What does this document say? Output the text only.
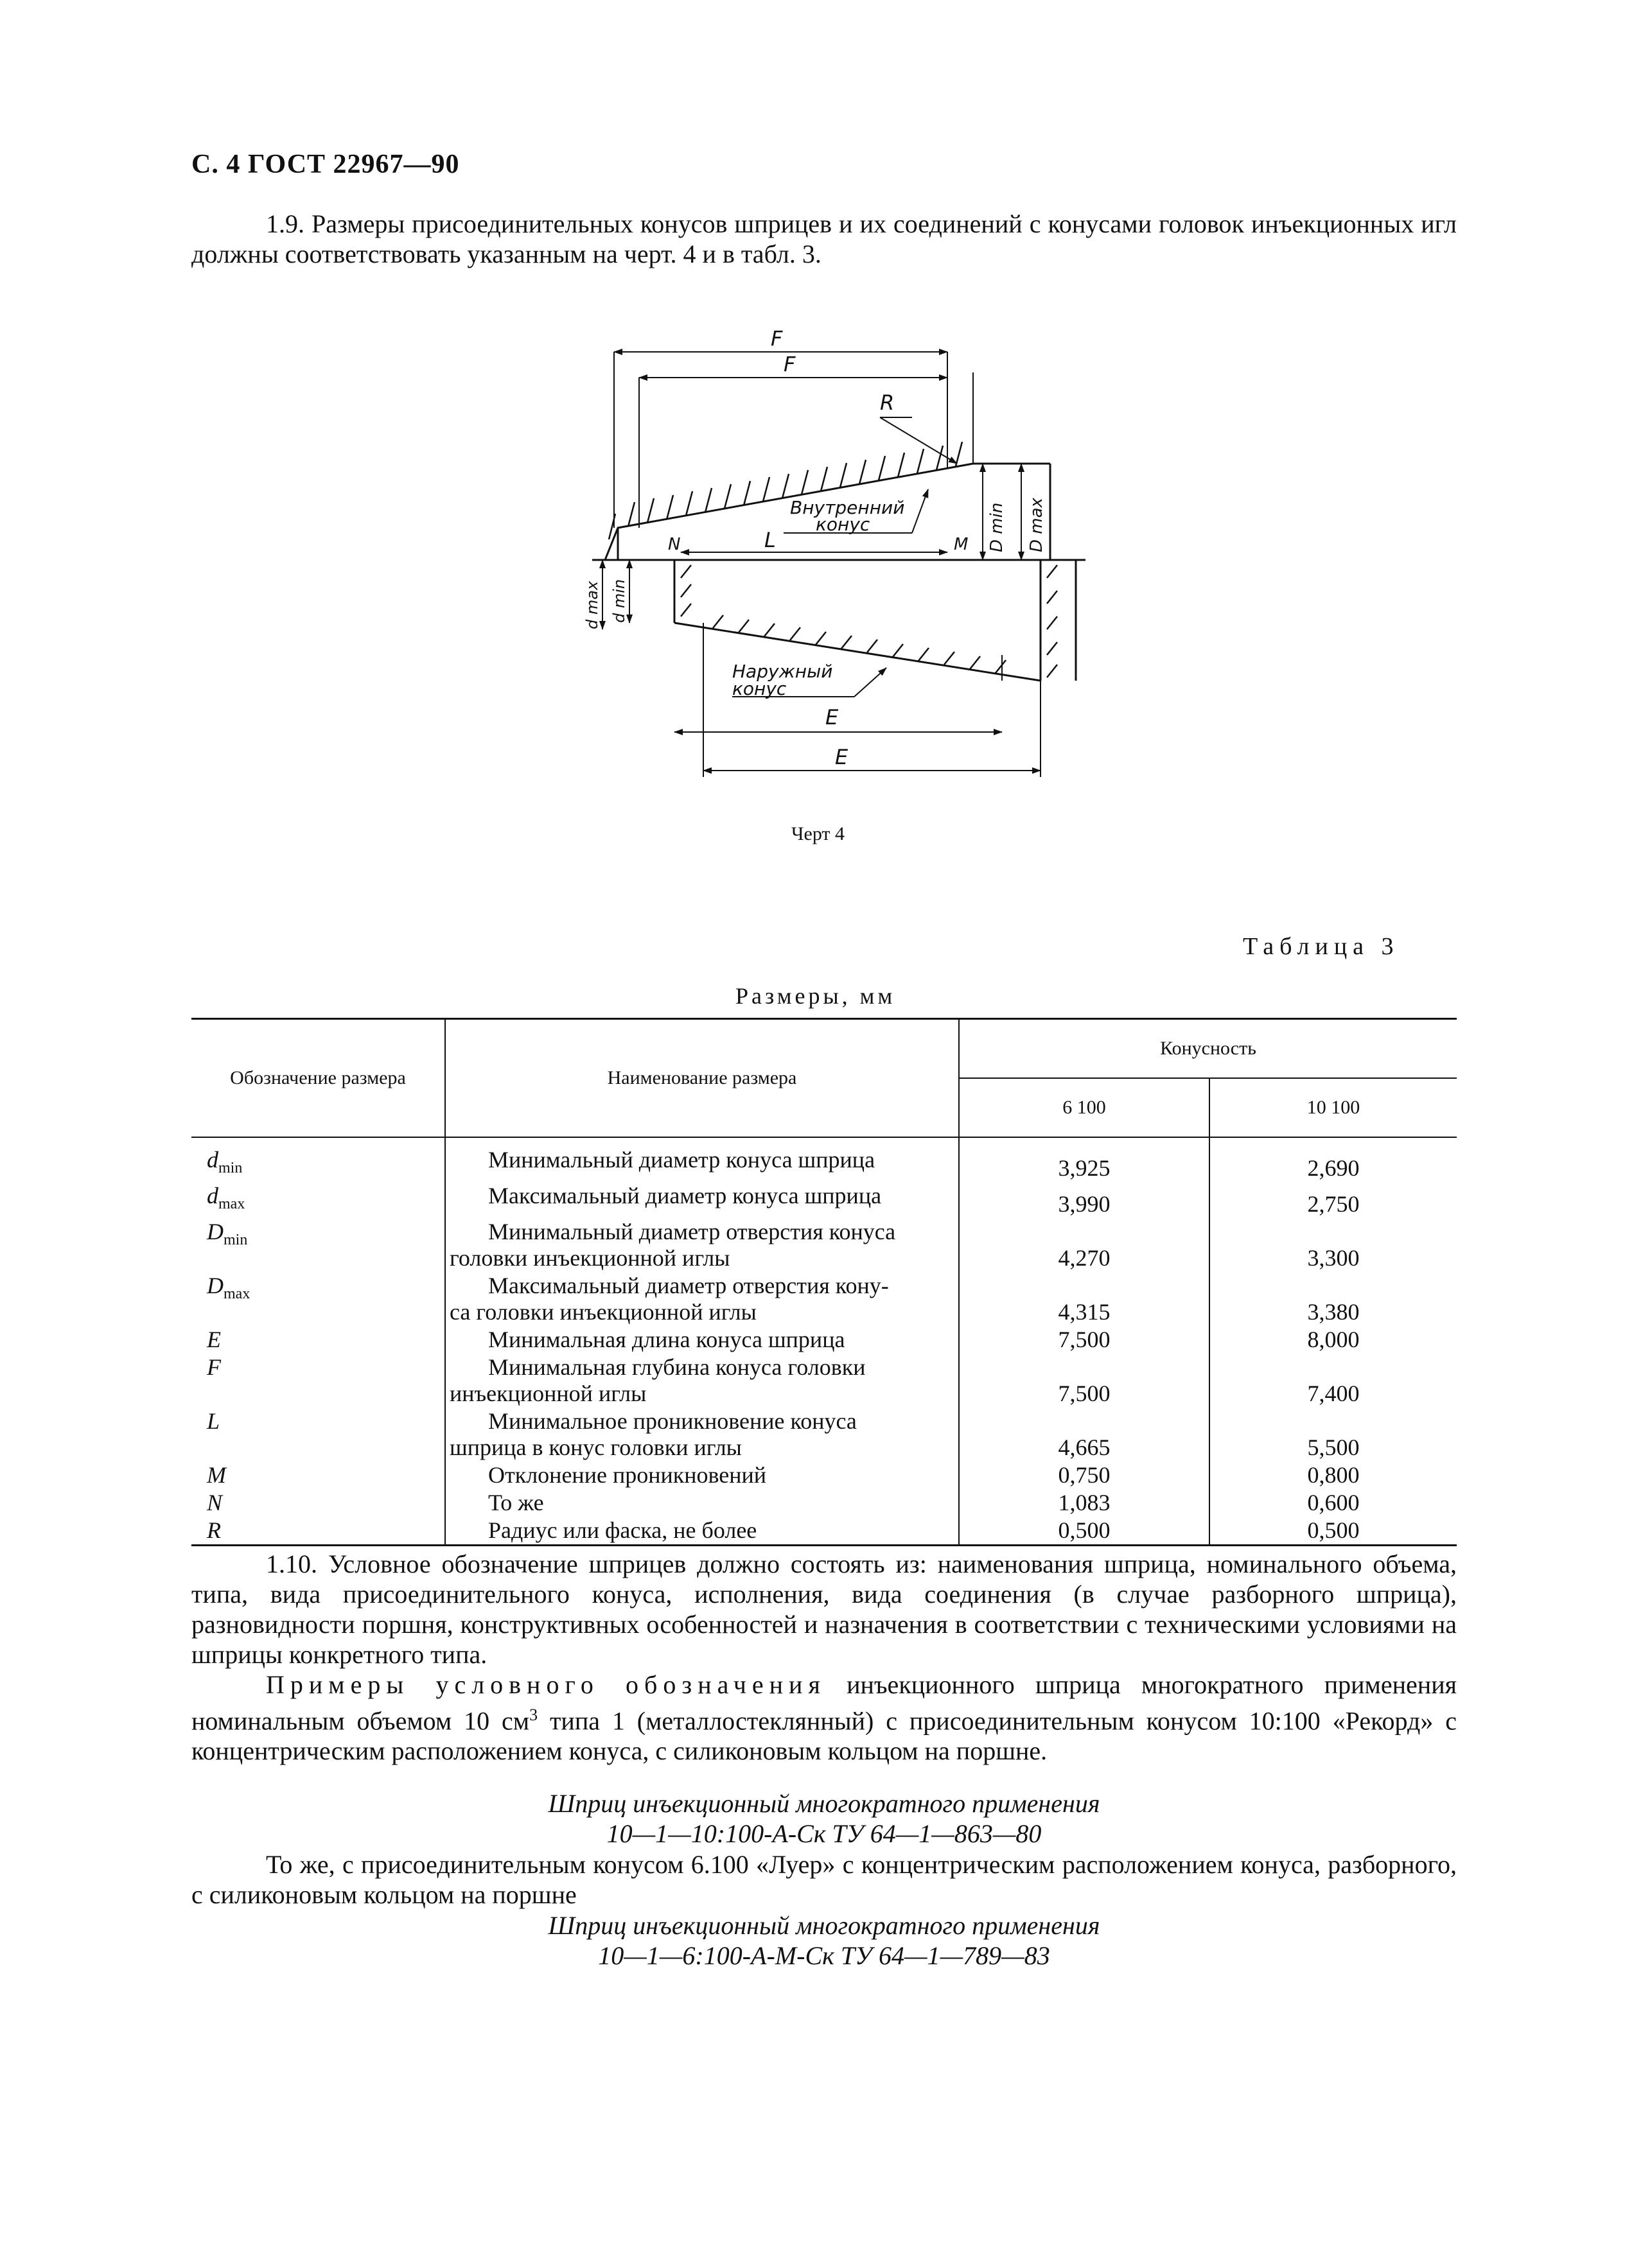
С. 4 ГОСТ 22967—90
1.9. Размеры присоединительных конусов шприцев и их соединений с конусами головок инъекционных игл должны соответствовать указанным на черт. 4 и в табл. 3.
F
F
R
Внутренний
конус
N	L	M D min D max
d max d min
Наружный
конус
E
E
Черт 4
Таблица 3
Размеры, мм
Обозначение размера	Наименование размера	Конусность	
		6 100	10 100
$d_{min}$	Минимальный диаметр конуса шприца	3,925	2,690
$d_{max}$	Максимальный диаметр конуса шприца	3,990	2,750
$D_{min}$	Минимальный диаметр отверстия конуса
головки инъекционной иглы	4,270	3,300
$D_{max}$	Максимальный диаметр отверстия кону-
са головки инъекционной иглы	4,315	3,380
E	Минимальная длина конуса шприца	7,500	8,000
F	Минимальная глубина конуса головки
инъекционной иглы	7,500	7,400
L	Минимальное проникновение конуса
шприца в конус головки иглы	4,665	5,500
M	Отклонение проникновений	0,750	0,800
N	То же	1,083	0,600
R	Радиус или фаска, не более	0,500	0,500
1.10. Условное обозначение шприцев должно состоять из: наименования шприца, номинального объема, типа, вида присоединительного конуса, исполнения, вида соединения (в случае разборного шприца), разновидности поршня, конструктивных особенностей и назначения в соответствии с техническими условиями на шприцы конкретного типа.
Примеры условного обозначения инъекционного шприца многократного применения номинальным объемом 10 $см^3$ типа 1 (металлостеклянный) с присоединительным конусом 10:100 «Рекорд» с концентрическим расположением конуса, с силиконовым кольцом на поршне.
Шприц инъекционный многократного применения
10—1—10:100-А-Ск ТУ 64—1—863—80
То же, с присоединительным конусом 6.100 «Луер» с концентрическим расположением конуса, разборного, с силиконовым кольцом на поршне
Шприц инъекционный многократного применения
10—1—6:100-А-М-Ск ТУ 64—1—789—83
